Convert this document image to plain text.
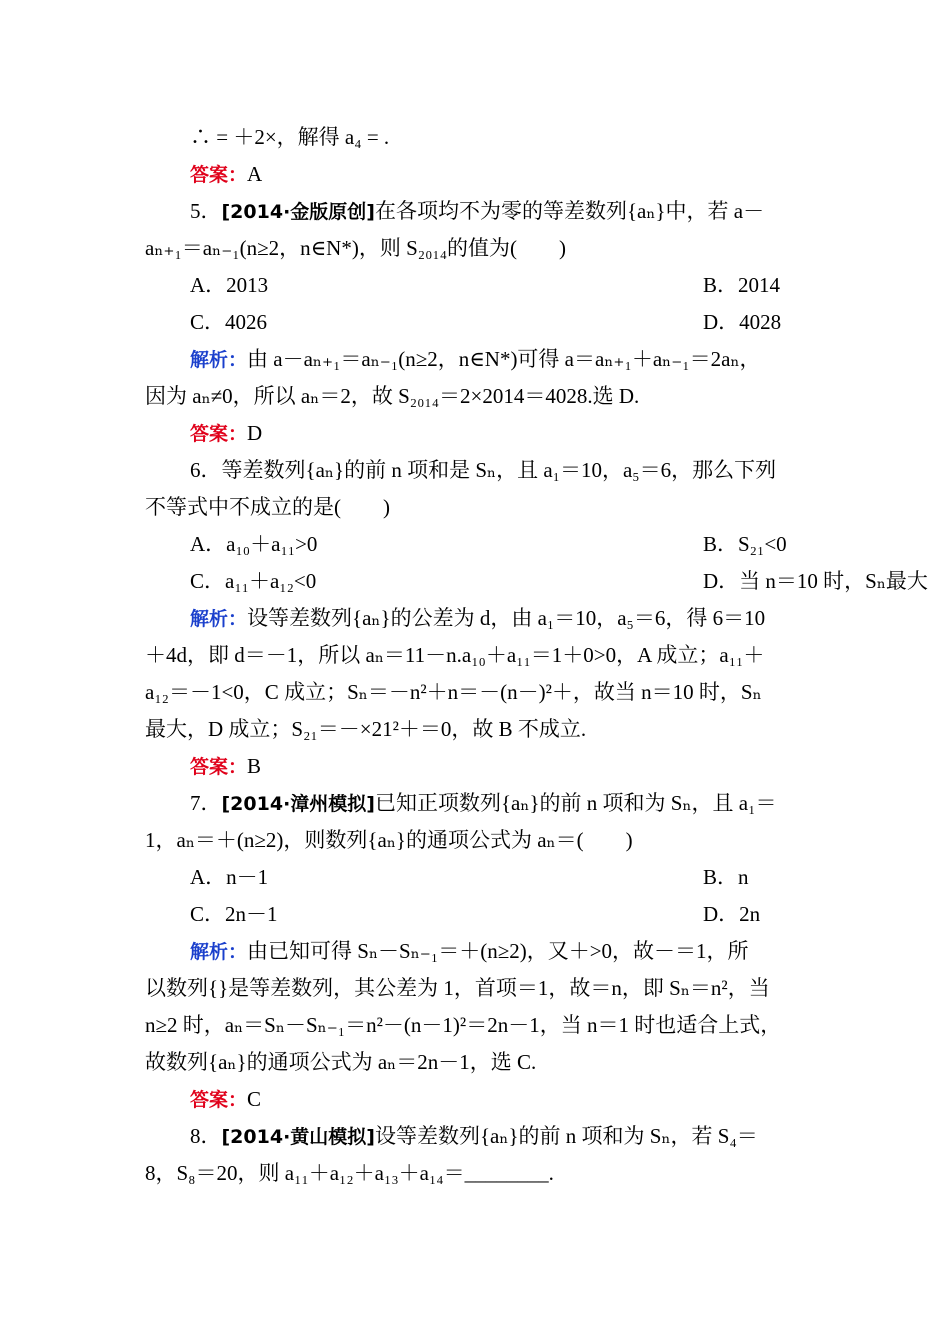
∴ = ＋2×，解得 a₄ = .
答案：A
5．[2014·金版原创]在各项均不为零的等差数列{aₙ}中，若 a－
aₙ₊₁＝aₙ₋₁(n≥2，n∈N*)，则 S₂₀₁₄的值为(　　)
A．2013	B．2014
C．4026	D．4028
解析：由 a－aₙ₊₁＝aₙ₋₁(n≥2，n∈N*)可得 a＝aₙ₊₁＋aₙ₋₁＝2aₙ，
因为 aₙ≠0，所以 aₙ＝2，故 S₂₀₁₄＝2×2014＝4028.选 D.
答案：D
6．等差数列{aₙ}的前 n 项和是 Sₙ，且 a₁＝10，a₅＝6，那么下列
不等式中不成立的是(　　)
A．a₁₀＋a₁₁>0	B．S₂₁<0
C．a₁₁＋a₁₂<0	D．当 n＝10 时，Sₙ最大
解析：设等差数列{aₙ}的公差为 d，由 a₁＝10，a₅＝6，得 6＝10
＋4d，即 d＝－1，所以 aₙ＝11－n.a₁₀＋a₁₁＝1＋0>0，A 成立；a₁₁＋
a₁₂＝－1<0，C 成立；Sₙ＝－n²＋n＝－(n－)²＋，故当 n＝10 时，Sₙ
最大，D 成立；S₂₁＝－×21²＋＝0，故 B 不成立.
答案：B
7．[2014·漳州模拟]已知正项数列{aₙ}的前 n 项和为 Sₙ，且 a₁＝
1，aₙ＝＋(n≥2)，则数列{aₙ}的通项公式为 aₙ＝(　　)
A．n－1	B．n
C．2n－1	D．2n
解析：由已知可得 Sₙ－Sₙ₋₁＝＋(n≥2)，又＋>0，故－＝1，所
以数列{}是等差数列，其公差为 1，首项＝1，故＝n，即 Sₙ＝n²，当
n≥2 时，aₙ＝Sₙ－Sₙ₋₁＝n²－(n－1)²＝2n－1，当 n＝1 时也适合上式，
故数列{aₙ}的通项公式为 aₙ＝2n－1，选 C.
答案：C
8．[2014·黄山模拟]设等差数列{aₙ}的前 n 项和为 Sₙ，若 S₄＝
8，S₈＝20，则 a₁₁＋a₁₂＋a₁₃＋a₁₄＝________.
